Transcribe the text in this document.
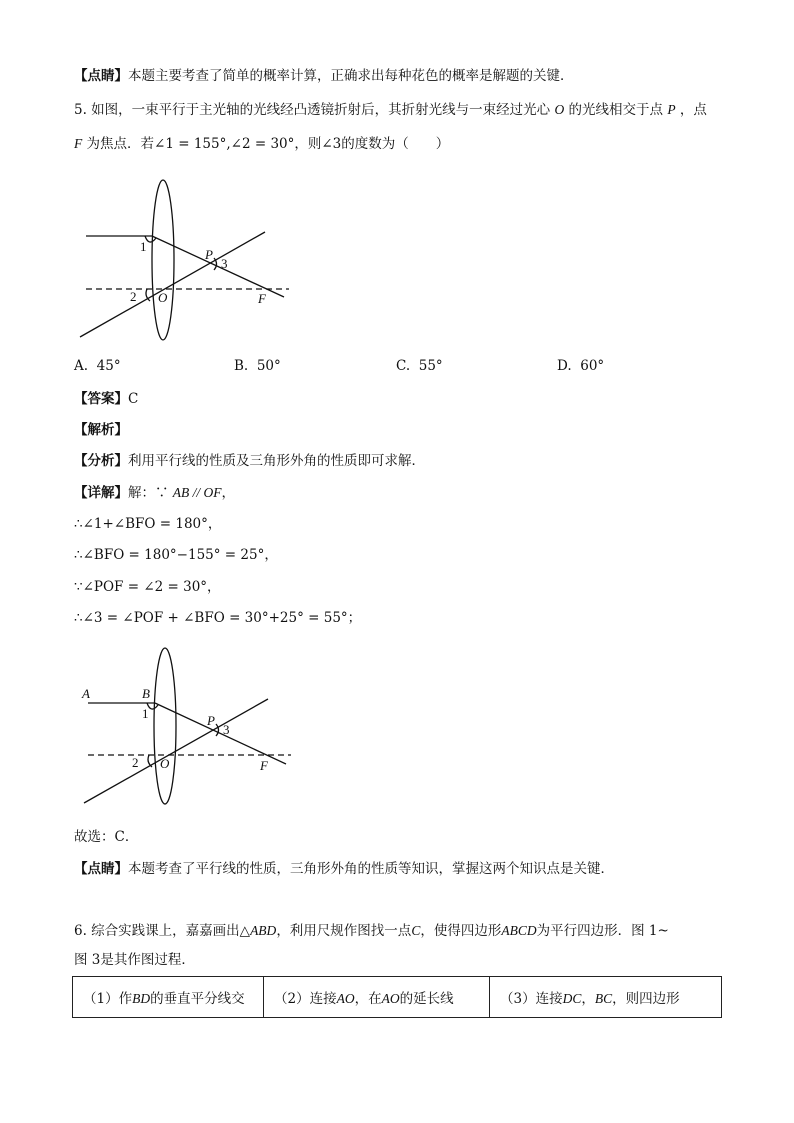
【点睛】本题主要考查了简单的概率计算，正确求出每种花色的概率是解题的关键．
5. 如图，一束平行于主光轴的光线经凸透镜折射后，其折射光线与一束经过光心 O 的光线相交于点 P ，点
F 为焦点．若∠1 = 155°,∠2 = 30°，则∠3的度数为（　　）
1
2
3
P
O	F
A. 45°	B. 50°	C. 55°	D. 60°
【答案】C
【解析】
【分析】利用平行线的性质及三角形外角的性质即可求解．
【详解】解：∵ AB // OF，
∴∠1+∠BFO = 180°，
∴∠BFO = 180°−155° = 25°，
∵∠POF = ∠2 = 30°，
∴∠3 = ∠POF + ∠BFO = 30°+25° = 55°；
A	B
1
2
3
P
O	F
故选：C．
【点睛】本题考查了平行线的性质，三角形外角的性质等知识，掌握这两个知识点是关键．
6. 综合实践课上，嘉嘉画出△ABD，利用尺规作图找一点C，使得四边形ABCD为平行四边形．图 1~
图 3是其作图过程．
（1）作BD的垂直平分线交	（2）连接AO，在AO的延长线	（3）连接DC，BC，则四边形
